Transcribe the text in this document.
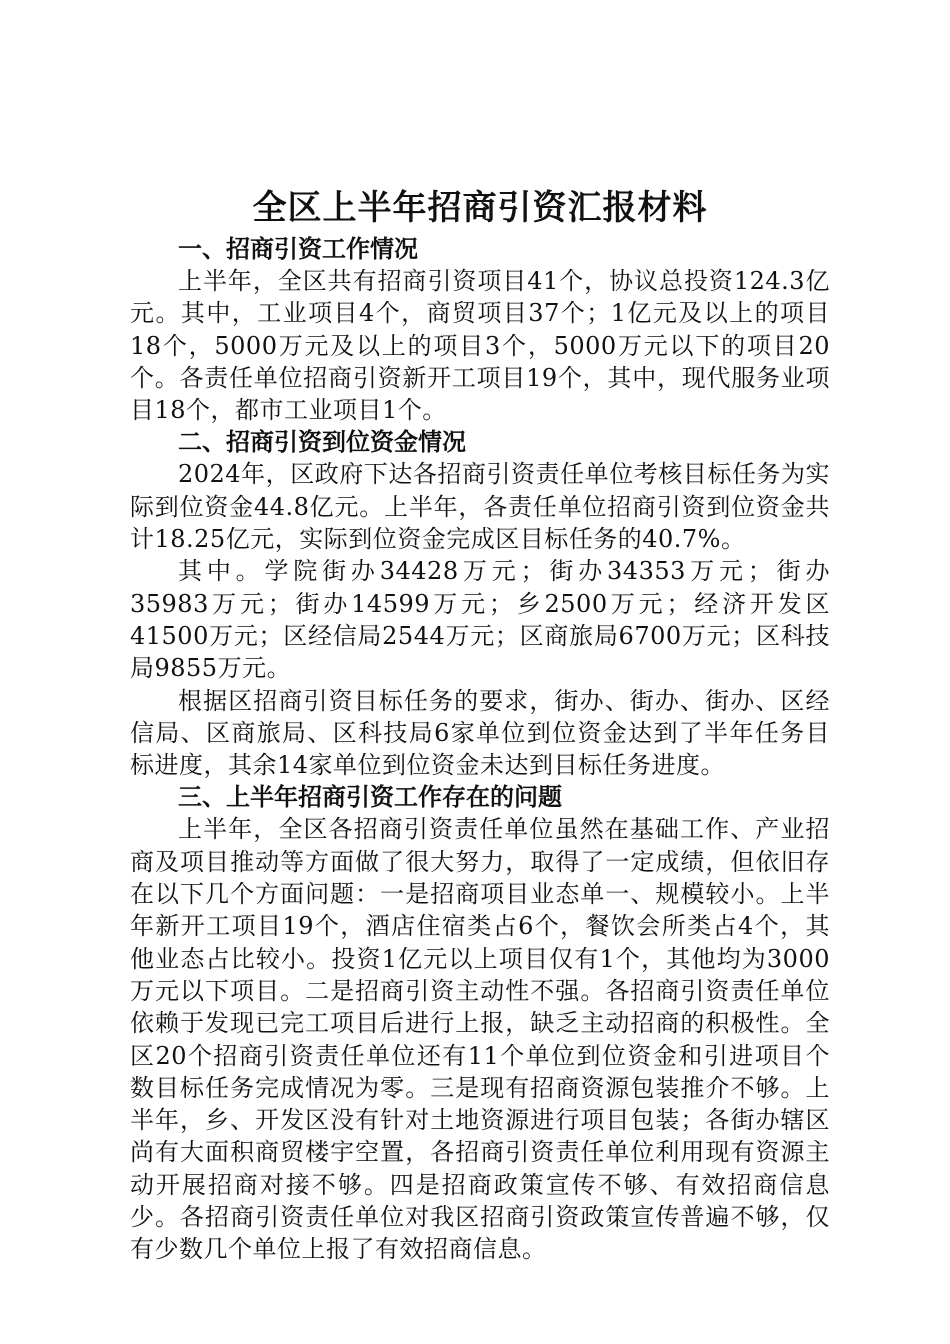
全区上半年招商引资汇报材料
一、招商引资工作情况

上半年，全区共有招商引资项目41个，协议总投资124.3亿元。其中，工业项目4个，商贸项目37个；1亿元及以上的项目18个，5000万元及以上的项目3个，5000万元以下的项目20个。各责任单位招商引资新开工项目19个，其中，现代服务业项目18个，都市工业项目1个。

二、招商引资到位资金情况

2024年，区政府下达各招商引资责任单位考核目标任务为实际到位资金44.8亿元。上半年，各责任单位招商引资到位资金共计18.25亿元，实际到位资金完成区目标任务的40.7%。

其中。学院街办34428万元；街办34353万元；街办35983万元；街办14599万元；乡2500万元；经济开发区41500万元；区经信局2544万元；区商旅局6700万元；区科技局9855万元。

根据区招商引资目标任务的要求，街办、街办、街办、区经信局、区商旅局、区科技局6家单位到位资金达到了半年任务目标进度，其余14家单位到位资金未达到目标任务进度。

三、上半年招商引资工作存在的问题

上半年，全区各招商引资责任单位虽然在基础工作、产业招商及项目推动等方面做了很大努力，取得了一定成绩，但依旧存在以下几个方面问题：一是招商项目业态单一、规模较小。上半年新开工项目19个，酒店住宿类占6个，餐饮会所类占4个，其他业态占比较小。投资1亿元以上项目仅有1个，其他均为3000万元以下项目。二是招商引资主动性不强。各招商引资责任单位依赖于发现已完工项目后进行上报，缺乏主动招商的积极性。全区20个招商引资责任单位还有11个单位到位资金和引进项目个数目标任务完成情况为零。三是现有招商资源包装推介不够。上半年，乡、开发区没有针对土地资源进行项目包装；各街办辖区尚有大面积商贸楼宇空置，各招商引资责任单位利用现有资源主动开展招商对接不够。四是招商政策宣传不够、有效招商信息少。各招商引资责任单位对我区招商引资政策宣传普遍不够，仅有少数几个单位上报了有效招商信息。
